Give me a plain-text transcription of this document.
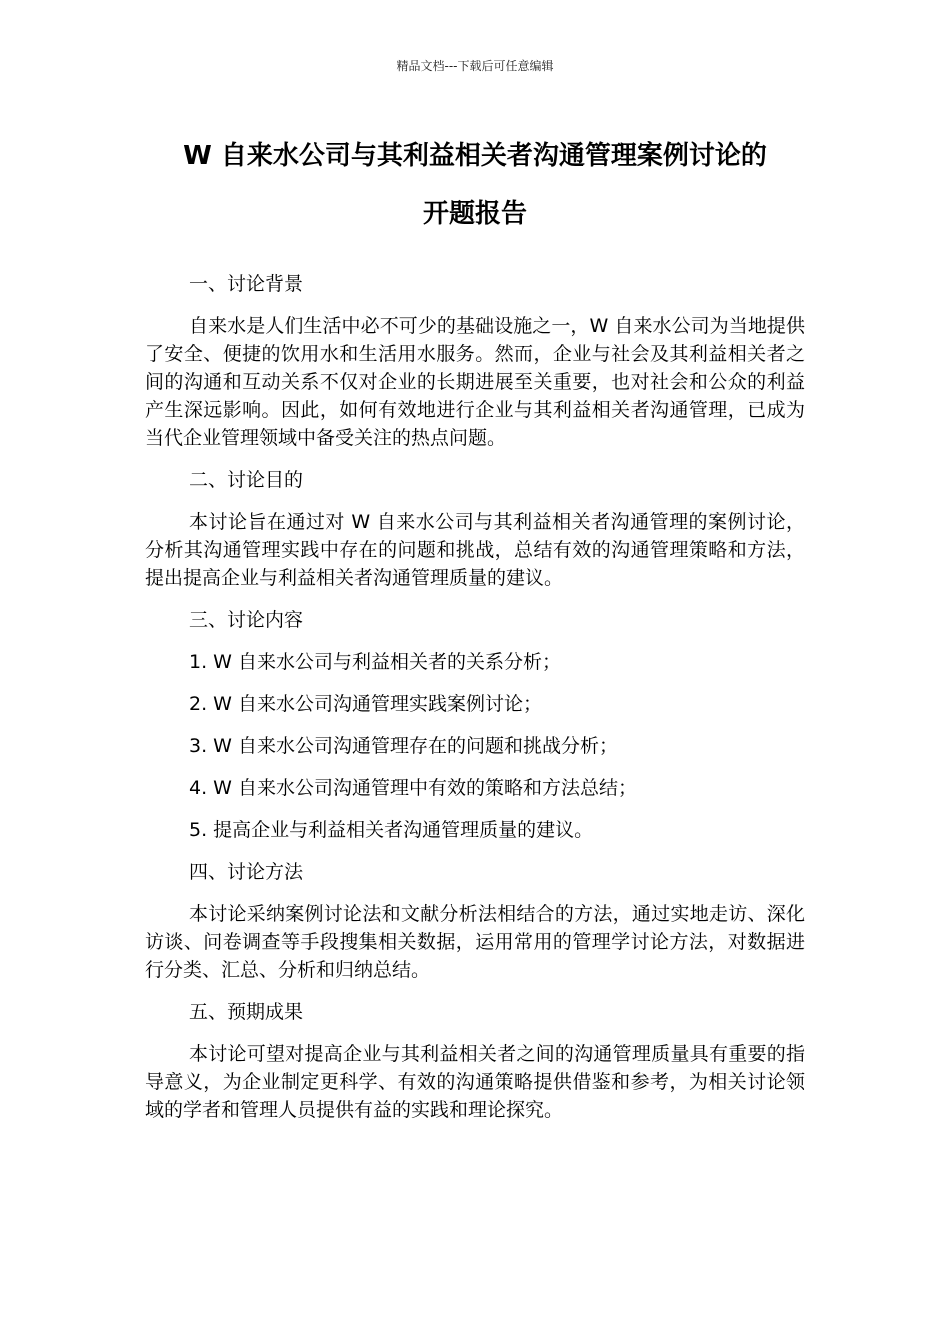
精品文档---下载后可任意编辑
W 自来水公司与其利益相关者沟通管理案例讨论的
开题报告

一、讨论背景

自来水是人们生活中必不可少的基础设施之一，W 自来水公司为当地提供了安全、便捷的饮用水和生活用水服务。然而，企业与社会及其利益相关者之间的沟通和互动关系不仅对企业的长期进展至关重要，也对社会和公众的利益产生深远影响。因此，如何有效地进行企业与其利益相关者沟通管理，已成为当代企业管理领域中备受关注的热点问题。

二、讨论目的

本讨论旨在通过对 W 自来水公司与其利益相关者沟通管理的案例讨论，分析其沟通管理实践中存在的问题和挑战，总结有效的沟通管理策略和方法，提出提高企业与利益相关者沟通管理质量的建议。

三、讨论内容

1. W 自来水公司与利益相关者的关系分析；

2. W 自来水公司沟通管理实践案例讨论；

3. W 自来水公司沟通管理存在的问题和挑战分析；

4. W 自来水公司沟通管理中有效的策略和方法总结；

5. 提高企业与利益相关者沟通管理质量的建议。

四、讨论方法

本讨论采纳案例讨论法和文献分析法相结合的方法，通过实地走访、深化访谈、问卷调查等手段搜集相关数据，运用常用的管理学讨论方法，对数据进行分类、汇总、分析和归纳总结。

五、预期成果

本讨论可望对提高企业与其利益相关者之间的沟通管理质量具有重要的指导意义，为企业制定更科学、有效的沟通策略提供借鉴和参考，为相关讨论领域的学者和管理人员提供有益的实践和理论探究。
